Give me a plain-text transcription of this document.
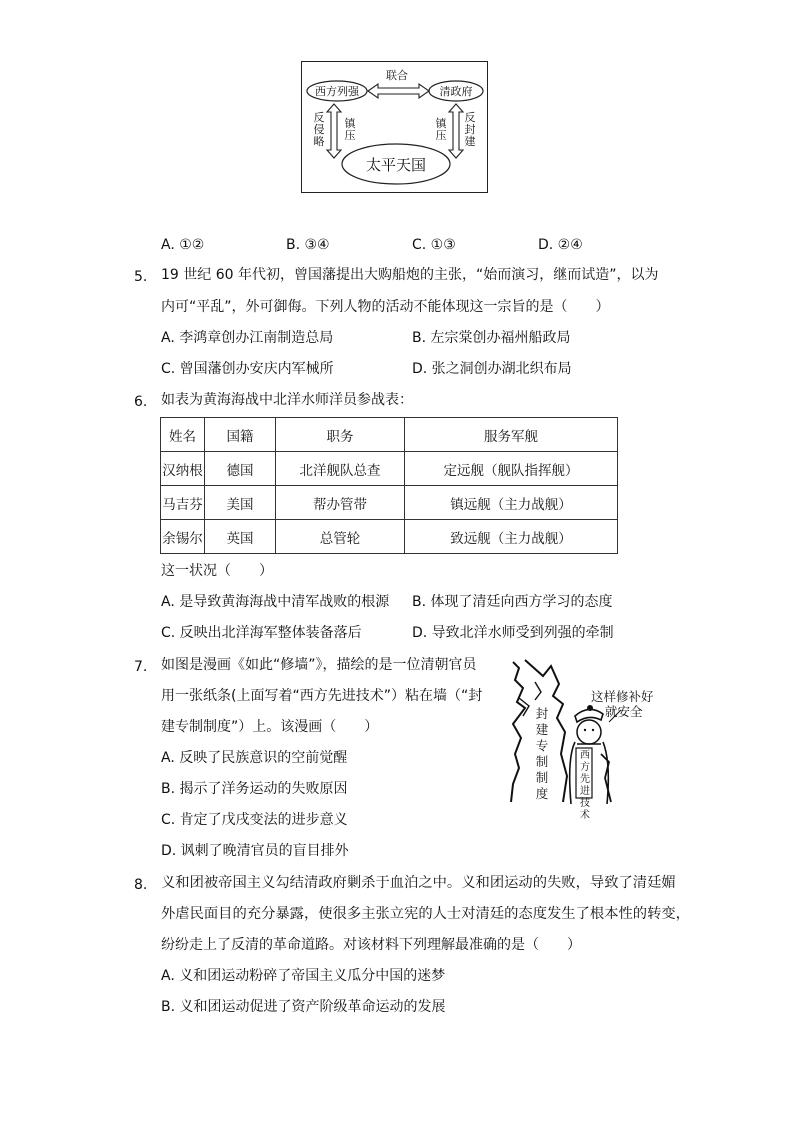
西方列强	清政府
太平天国
联合
反侵略
镇压
镇压
反封建
A. ①②	B. ③④	C. ①③	D. ②④
5. 19 世纪 60 年代初，曾国藩提出大购船炮的主张，“始而演习，继而试造”，以为
内可“平乱”，外可御侮。下列人物的活动不能体现这一宗旨的是（　　）
A. 李鸿章创办江南制造总局	B. 左宗棠创办福州船政局
C. 曾国藩创办安庆内军械所	D. 张之洞创办湖北织布局
6. 如表为黄海海战中北洋水师洋员参战表：
姓名	国籍	职务	服务军舰
汉纳根	德国	北洋舰队总查	定远舰（舰队指挥舰）
马吉芬	美国	帮办管带	镇远舰（主力战舰）
余锡尔	英国	总管轮	致远舰（主力战舰）
这一状况（　　）
A. 是导致黄海海战中清军战败的根源 B. 体现了清廷向西方学习的态度
C. 反映出北洋海军整体装备落后	D. 导致北洋水师受到列强的牵制
7. 如图是漫画《如此“修墙”》，描绘的是一位清朝官员
用一张纸条(上面写着“西方先进技术”）粘在墙（“封
建专制制度”）上。该漫画（　　）
A. 反映了民族意识的空前觉醒
B. 揭示了洋务运动的失败原因
C. 肯定了戊戌变法的进步意义
D. 讽刺了晚清官员的盲目排外
这样修补好
就安全
封建专制制度
西方先进技术
8. 义和团被帝国主义勾结清政府剿杀于血泊之中。义和团运动的失败，导致了清廷媚
外虐民面目的充分暴露，使很多主张立宪的人士对清廷的态度发生了根本性的转变，
纷纷走上了反清的革命道路。对该材料下列理解最准确的是（　　）
A. 义和团运动粉碎了帝国主义瓜分中国的迷梦
B. 义和团运动促进了资产阶级革命运动的发展
